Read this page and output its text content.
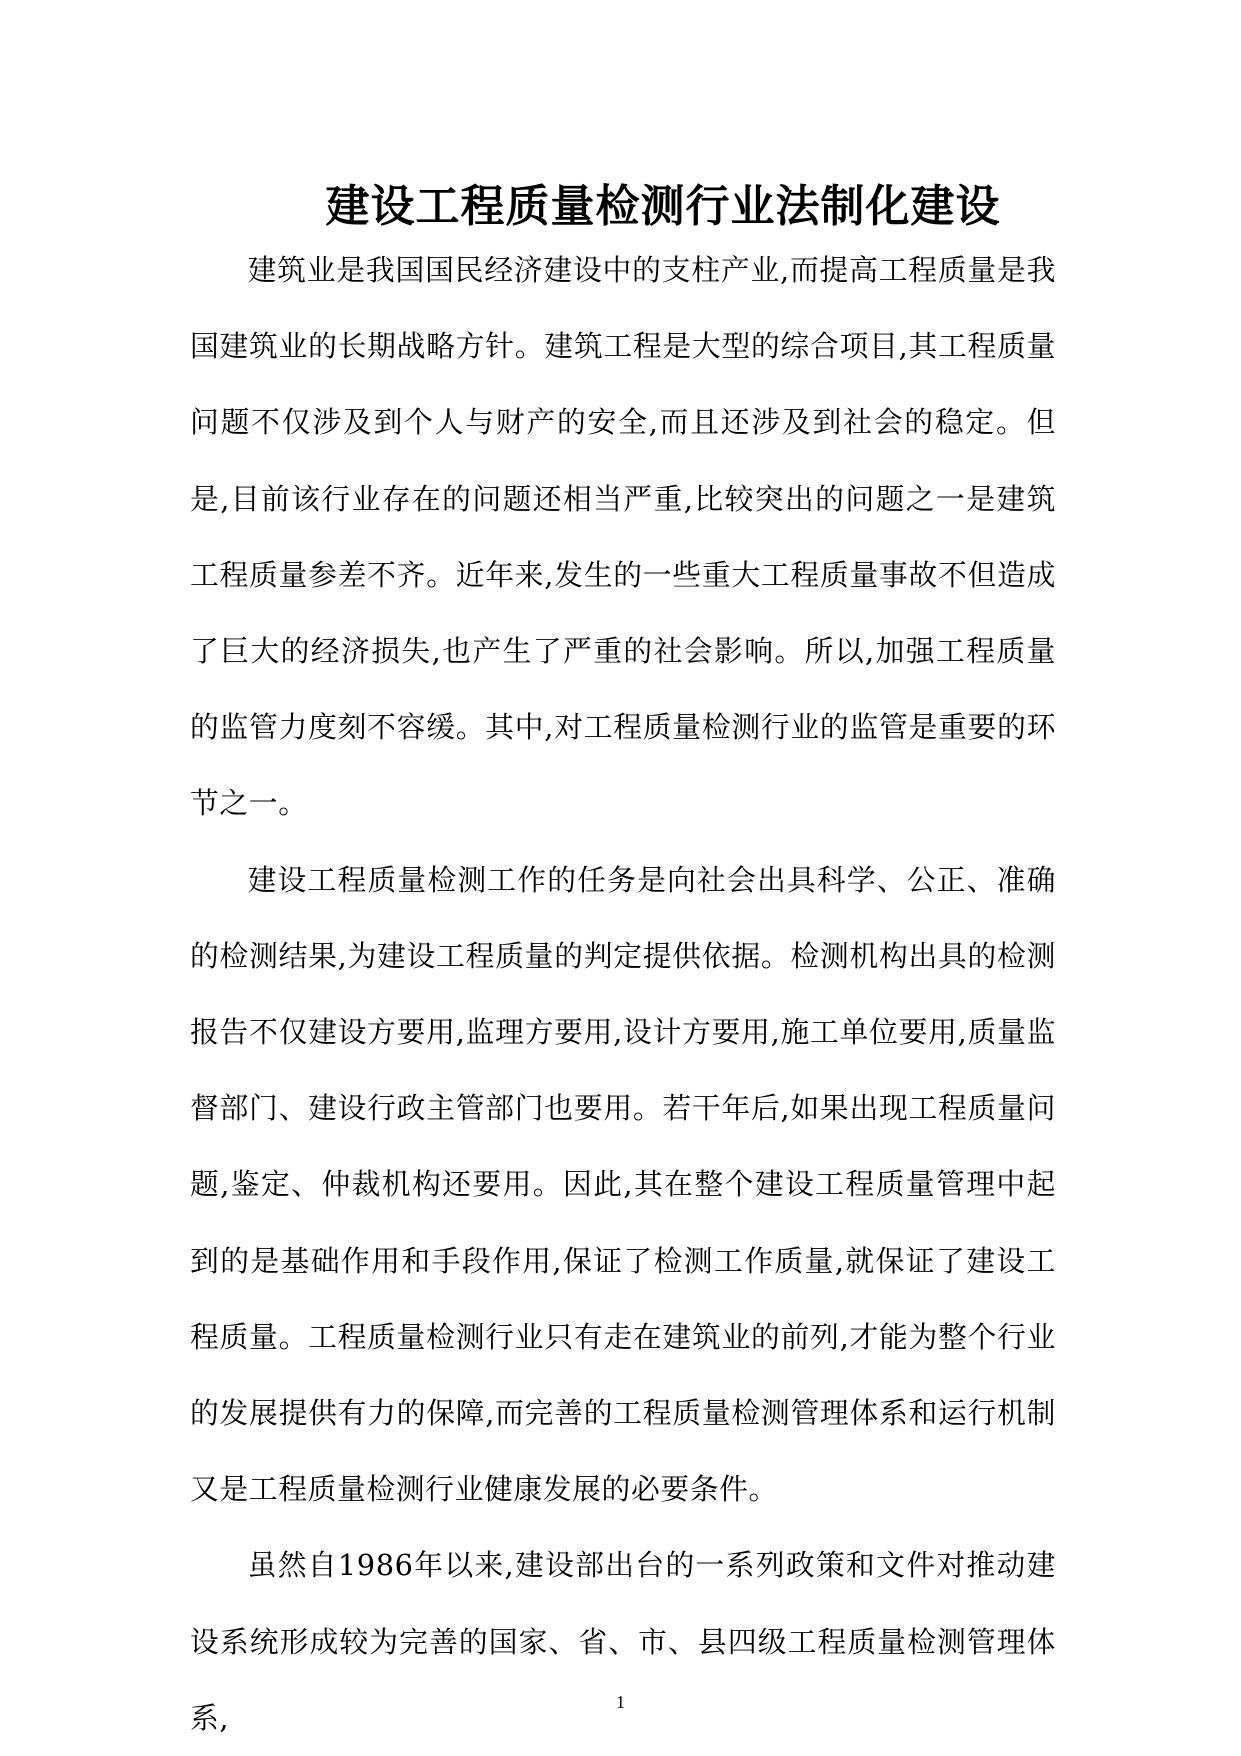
建设工程质量检测行业法制化建设

建筑业是我国国民经济建设中的支柱产业,而提高工程质量是我国建筑业的长期战略方针。建筑工程是大型的综合项目,其工程质量问题不仅涉及到个人与财产的安全,而且还涉及到社会的稳定。但是,目前该行业存在的问题还相当严重,比较突出的问题之一是建筑工程质量参差不齐。近年来,发生的一些重大工程质量事故不但造成了巨大的经济损失,也产生了严重的社会影响。所以,加强工程质量的监管力度刻不容缓。其中,对工程质量检测行业的监管是重要的环节之一。

建设工程质量检测工作的任务是向社会出具科学、公正、准确的检测结果,为建设工程质量的判定提供依据。检测机构出具的检测报告不仅建设方要用,监理方要用,设计方要用,施工单位要用,质量监督部门、建设行政主管部门也要用。若干年后,如果出现工程质量问题,鉴定、仲裁机构还要用。因此,其在整个建设工程质量管理中起到的是基础作用和手段作用,保证了检测工作质量,就保证了建设工程质量。工程质量检测行业只有走在建筑业的前列,才能为整个行业的发展提供有力的保障,而完善的工程质量检测管理体系和运行机制又是工程质量检测行业健康发展的必要条件。

虽然自1986年以来,建设部出台的一系列政策和文件对推动建设系统形成较为完善的国家、省、市、县四级工程质量检测管理体系,	1
